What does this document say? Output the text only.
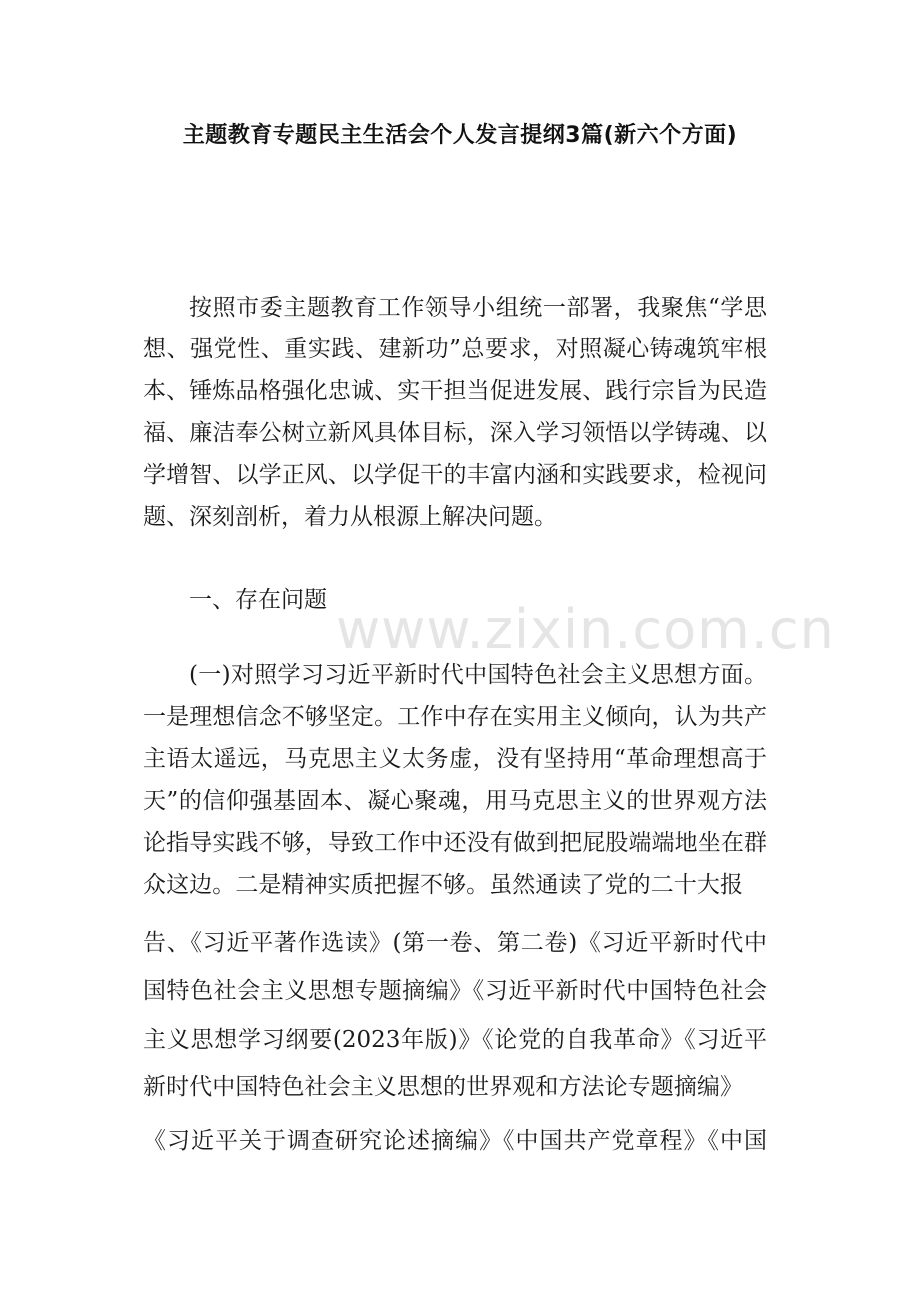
主题教育专题民主生活会个人发言提纲3篇(新六个方面)
www.zixin.com.cn
按照市委主题教育工作领导小组统一部署，我聚焦“学思
想、强党性、重实践、建新功”总要求，对照凝心铸魂筑牢根
本、锤炼品格强化忠诚、实干担当促进发展、践行宗旨为民造
福、廉洁奉公树立新风具体目标，深入学习领悟以学铸魂、以
学增智、以学正风、以学促干的丰富内涵和实践要求，检视问
题、深刻剖析，着力从根源上解决问题。
一、存在问题
(一)对照学习习近平新时代中国特色社会主义思想方面。
一是理想信念不够坚定。工作中存在实用主义倾向，认为共产
主语太遥远，马克思主义太务虚，没有坚持用“革命理想高于
天”的信仰强基固本、凝心聚魂，用马克思主义的世界观方法
论指导实践不够，导致工作中还没有做到把屁股端端地坐在群
众这边。二是精神实质把握不够。虽然通读了党的二十大报
告、《习近平著作选读》(第一卷、第二卷)《习近平新时代中
国特色社会主义思想专题摘编》《习近平新时代中国特色社会
主义思想学习纲要(2023年版)》《论党的自我革命》《习近平
新时代中国特色社会主义思想的世界观和方法论专题摘编》
《习近平关于调查研究论述摘编》《中国共产党章程》《中国
